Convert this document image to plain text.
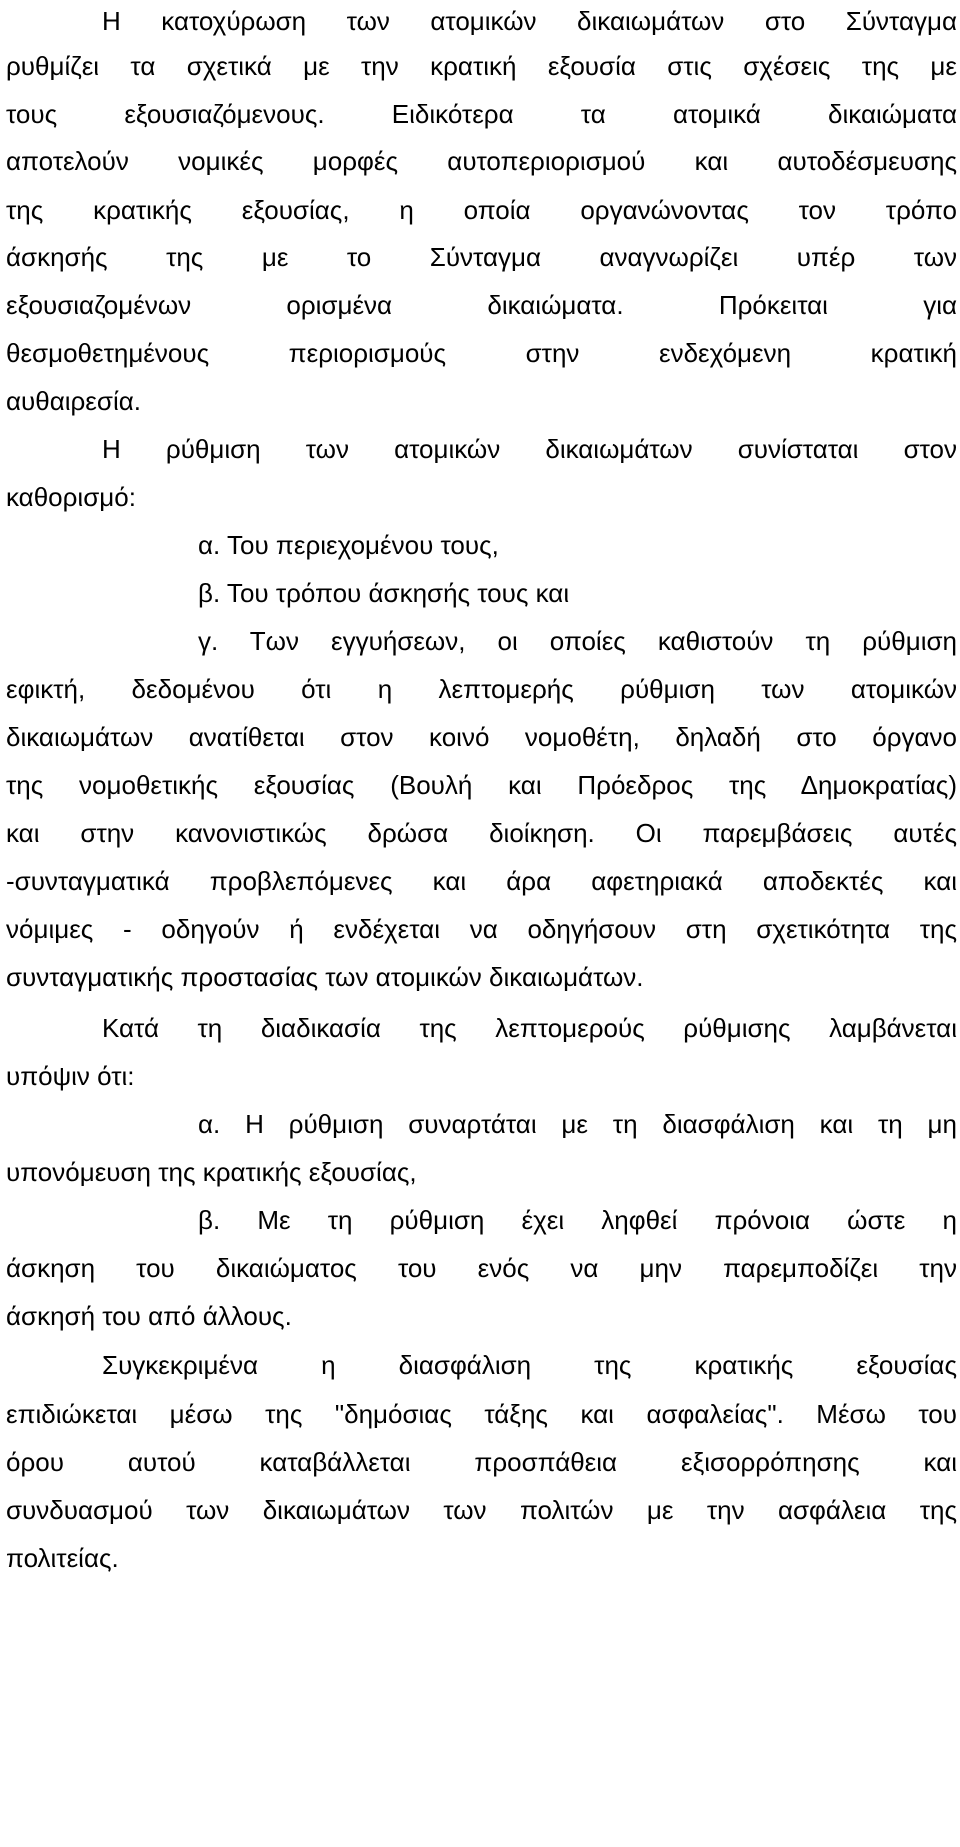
Η κατοχύρωση των ατομικών δικαιωμάτων στο Σύνταγμα
ρυθμίζει τα σχετικά με την κρατική εξουσία στις σχέσεις της με
τους εξουσιαζόμενους. Ειδικότερα τα ατομικά δικαιώματα
αποτελούν νομικές μορφές αυτοπεριορισμού και αυτοδέσμευσης
της κρατικής εξουσίας, η οποία οργανώνοντας τον τρόπο
άσκησής της με το Σύνταγμα αναγνωρίζει υπέρ των
εξουσιαζομένων ορισμένα δικαιώματα. Πρόκειται για
θεσμοθετημένους περιορισμούς στην ενδεχόμενη κρατική
αυθαιρεσία.
Η ρύθμιση των ατομικών δικαιωμάτων συνίσταται στον
καθορισμό:
α. Του περιεχομένου τους,
β. Του τρόπου άσκησής τους και
γ. Των εγγυήσεων, οι οποίες καθιστούν τη ρύθμιση
εφικτή, δεδομένου ότι η λεπτομερής ρύθμιση των ατομικών
δικαιωμάτων ανατίθεται στον κοινό νομοθέτη, δηλαδή στο όργανο
της νομοθετικής εξουσίας (Βουλή και Πρόεδρος της Δημοκρατίας)
και στην κανονιστικώς δρώσα διοίκηση. Οι παρεμβάσεις αυτές
-συνταγματικά προβλεπόμενες και άρα αφετηριακά αποδεκτές και
νόμιμες - οδηγούν ή ενδέχεται να οδηγήσουν στη σχετικότητα της
συνταγματικής προστασίας των ατομικών δικαιωμάτων.
Κατά τη διαδικασία της λεπτομερούς ρύθμισης λαμβάνεται
υπόψιν ότι:
α. Η ρύθμιση συναρτάται με τη διασφάλιση και τη μη
υπονόμευση της κρατικής εξουσίας,
β. Με τη ρύθμιση έχει ληφθεί πρόνοια ώστε η
άσκηση του δικαιώματος του ενός να μην παρεμποδίζει την
άσκησή του από άλλους.
Συγκεκριμένα η διασφάλιση της κρατικής εξουσίας
επιδιώκεται μέσω της "δημόσιας τάξης και ασφαλείας". Μέσω του
όρου αυτού καταβάλλεται προσπάθεια εξισορρόπησης και
συνδυασμού των δικαιωμάτων των πολιτών με την ασφάλεια της
πολιτείας.
